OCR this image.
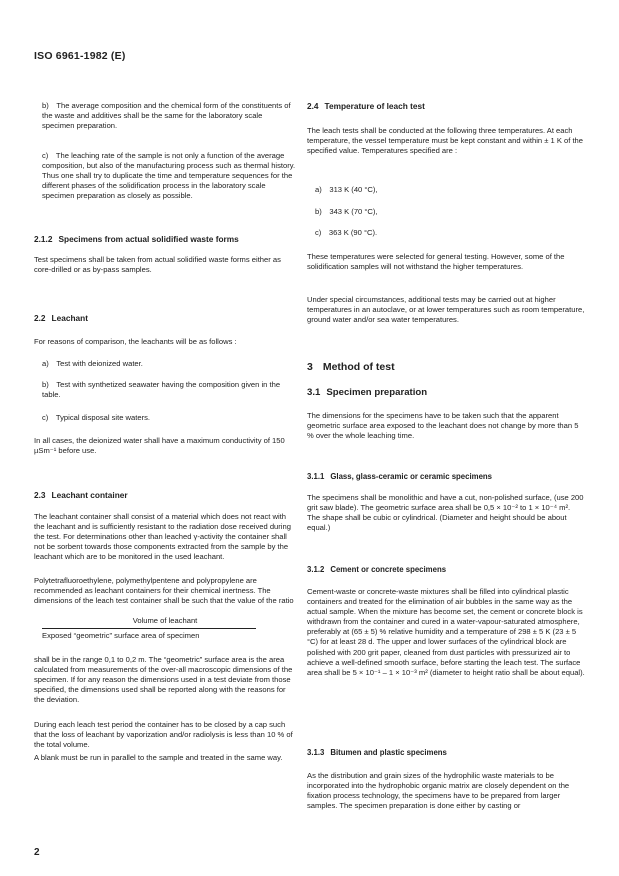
ISO 6961-1982 (E)

b) The average composition and the chemical form of the constituents of the waste and additives shall be the same for the laboratory scale specimen preparation.

c) The leaching rate of the sample is not only a function of the average composition, but also of the manufacturing process such as thermal history. Thus one shall try to duplicate the time and temperature sequences for the different phases of the solidification process in the laboratory scale specimen preparation as closely as possible.

2.1.2 Specimens from actual solidified waste forms

Test specimens shall be taken from actual solidified waste forms either as core-drilled or as by-pass samples.

2.2 Leachant

For reasons of comparison, the leachants will be as follows :

a) Test with deionized water.

b) Test with synthetized seawater having the composition given in the table.

c) Typical disposal site waters.

In all cases, the deionized water shall have a maximum conductivity of 150 µSm⁻¹ before use.

2.3 Leachant container

The leachant container shall consist of a material which does not react with the leachant and is sufficiently resistant to the radiation dose received during the test. For determinations other than leached γ-activity the container shall not be sorbent towards those components extracted from the sample by the leachant which are to be monitored in the used leachant.

Polytetrafluoroethylene, polymethylpentene and polypropylene are recommended as leachant containers for their chemical inertness. The dimensions of the leach test container shall be such that the value of the ratio

Volume of leachant
Exposed “geometric” surface area of specimen

shall be in the range 0,1 to 0,2 m. The “geometric” surface area is the area calculated from measurements of the over-all macroscopic dimensions of the specimen. If for any reason the dimensions used in a test deviate from those specified, the dimensions used shall be reported along with the reasons for the deviation.

During each leach test period the container has to be closed by a cap such that the loss of leachant by vaporization and/or radiolysis is less than 10 % of the total volume.

A blank must be run in parallel to the sample and treated in the same way.

2.4 Temperature of leach test

The leach tests shall be conducted at the following three temperatures. At each temperature, the vessel temperature must be kept constant and within ± 1 K of the specified value. Temperatures specified are :

a) 313 K (40 °C),

b) 343 K (70 °C),

c) 363 K (90 °C).

These temperatures were selected for general testing. However, some of the solidification samples will not withstand the higher temperatures.

Under special circumstances, additional tests may be carried out at higher temperatures in an autoclave, or at lower temperatures such as room temperature, ground water and/or sea water temperatures.

3 Method of test
3.1 Specimen preparation

The dimensions for the specimens have to be taken such that the apparent geometric surface area exposed to the leachant does not change by more than 5 % over the whole leaching time.

3.1.1 Glass, glass-ceramic or ceramic specimens

The specimens shall be monolithic and have a cut, non-polished surface, (use 200 grit saw blade). The geometric surface area shall be 0,5 × 10⁻² to 1 × 10⁻⁴ m². The shape shall be cubic or cylindrical. (Diameter and height should be about equal.)

3.1.2 Cement or concrete specimens

Cement-waste or concrete-waste mixtures shall be filled into cylindrical plastic containers and treated for the elimination of air bubbles in the same way as the actual sample. When the mixture has become set, the cement or concrete block is withdrawn from the container and cured in a water-vapour-saturated atmosphere, preferably at (65 ± 5) % relative humidity and a temperature of 298 ± 5 K (23 ± 5 °C) for at least 28 d. The upper and lower surfaces of the cylindrical block are polished with 200 grit paper, cleaned from dust particles with pressurized air to achieve a well-defined smooth surface, before starting the leach test. The surface area shall be 5 × 10⁻¹ – 1 × 10⁻³ m² (diameter to height ratio shall be about equal).

3.1.3 Bitumen and plastic specimens

As the distribution and grain sizes of the hydrophilic waste materials to be incorporated into the hydrophobic organic matrix are closely dependent on the fixation process technology, the specimens have to be prepared from larger samples. The specimen preparation is done either by casting or

2
